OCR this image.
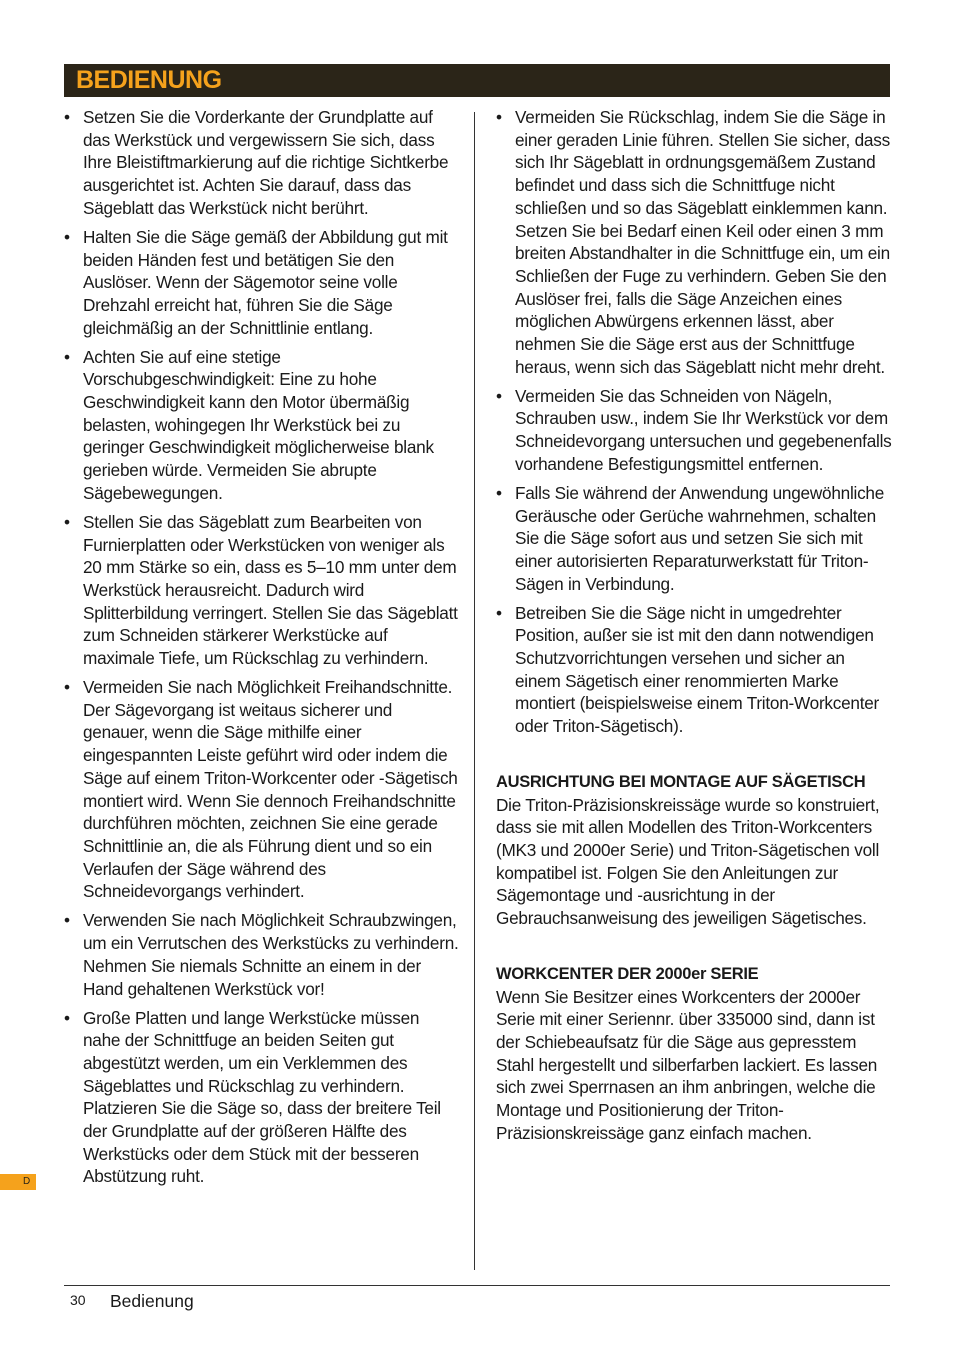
BEDIENUNG
• Setzen Sie die Vorderkante der Grundplatte auf das Werkstück und vergewissern Sie sich, dass Ihre Bleistiftmarkierung auf die richtige Sichtkerbe ausgerichtet ist. Achten Sie darauf, dass das Sägeblatt das Werkstück nicht berührt.
• Halten Sie die Säge gemäß der Abbildung gut mit beiden Händen fest und betätigen Sie den Auslöser. Wenn der Sägemotor seine volle Drehzahl erreicht hat, führen Sie die Säge gleichmäßig an der Schnittlinie entlang.
• Achten Sie auf eine stetige Vorschubgeschwindigkeit: Eine zu hohe Geschwindigkeit kann den Motor übermäßig belasten, wohingegen Ihr Werkstück bei zu geringer Geschwindigkeit möglicherweise blank gerieben würde. Vermeiden Sie abrupte Sägebewegungen.
• Stellen Sie das Sägeblatt zum Bearbeiten von Furnierplatten oder Werkstücken von weniger als 20 mm Stärke so ein, dass es 5–10 mm unter dem Werkstück herausreicht. Dadurch wird Splitterbildung verringert. Stellen Sie das Sägeblatt zum Schneiden stärkerer Werkstücke auf maximale Tiefe, um Rückschlag zu verhindern.
• Vermeiden Sie nach Möglichkeit Freihandschnitte. Der Sägevorgang ist weitaus sicherer und genauer, wenn die Säge mithilfe einer eingespannten Leiste geführt wird oder indem die Säge auf einem Triton-Workcenter oder -Sägetisch montiert wird. Wenn Sie dennoch Freihandschnitte durchführen möchten, zeichnen Sie eine gerade Schnittlinie an, die als Führung dient und so ein Verlaufen der Säge während des Schneidevorgangs verhindert.
• Verwenden Sie nach Möglichkeit Schraubzwingen, um ein Verrutschen des Werkstücks zu verhindern. Nehmen Sie niemals Schnitte an einem in der Hand gehaltenen Werkstück vor!
• Große Platten und lange Werkstücke müssen nahe der Schnittfuge an beiden Seiten gut abgestützt werden, um ein Verklemmen des Sägeblattes und Rückschlag zu verhindern. Platzieren Sie die Säge so, dass der breitere Teil der Grundplatte auf der größeren Hälfte des Werkstücks oder dem Stück mit der besseren Abstützung ruht.
• Vermeiden Sie Rückschlag, indem Sie die Säge in einer geraden Linie führen. Stellen Sie sicher, dass sich Ihr Sägeblatt in ordnungsgemäßem Zustand befindet und dass sich die Schnittfuge nicht schließen und so das Sägeblatt einklemmen kann. Setzen Sie bei Bedarf einen Keil oder einen 3 mm breiten Abstandhalter in die Schnittfuge ein, um ein Schließen der Fuge zu verhindern. Geben Sie den Auslöser frei, falls die Säge Anzeichen eines möglichen Abwürgens erkennen lässt, aber nehmen Sie die Säge erst aus der Schnittfuge heraus, wenn sich das Sägeblatt nicht mehr dreht.
• Vermeiden Sie das Schneiden von Nägeln, Schrauben usw., indem Sie Ihr Werkstück vor dem Schneidevorgang untersuchen und gegebenenfalls vorhandene Befestigungsmittel entfernen.
• Falls Sie während der Anwendung ungewöhnliche Geräusche oder Gerüche wahrnehmen, schalten Sie die Säge sofort aus und setzen Sie sich mit einer autorisierten Reparaturwerkstatt für Triton-Sägen in Verbindung.
• Betreiben Sie die Säge nicht in umgedrehter Position, außer sie ist mit den dann notwendigen Schutzvorrichtungen versehen und sicher an einem Sägetisch einer renommierten Marke montiert (beispielsweise einem Triton-Workcenter oder Triton-Sägetisch).
AUSRICHTUNG BEI MONTAGE AUF SÄGETISCH

Die Triton-Präzisionskreissäge wurde so konstruiert, dass sie mit allen Modellen des Triton-Workcenters (MK3 und 2000er Serie) und Triton-Sägetischen voll kompatibel ist. Folgen Sie den Anleitungen zur Sägemontage und -ausrichtung in der Gebrauchsanweisung des jeweiligen Sägetisches.

WORKCENTER DER 2000er SERIE

Wenn Sie Besitzer eines Workcenters der 2000er Serie mit einer Seriennr. über 335000 sind, dann ist der Schiebeaufsatz für die Säge aus gepresstem Stahl hergestellt und silberfarben lackiert. Es lassen sich zwei Sperrnasen an ihm anbringen, welche die Montage und Positionierung der Triton-Präzisionskreissäge ganz einfach machen.

D
30 Bedienung
